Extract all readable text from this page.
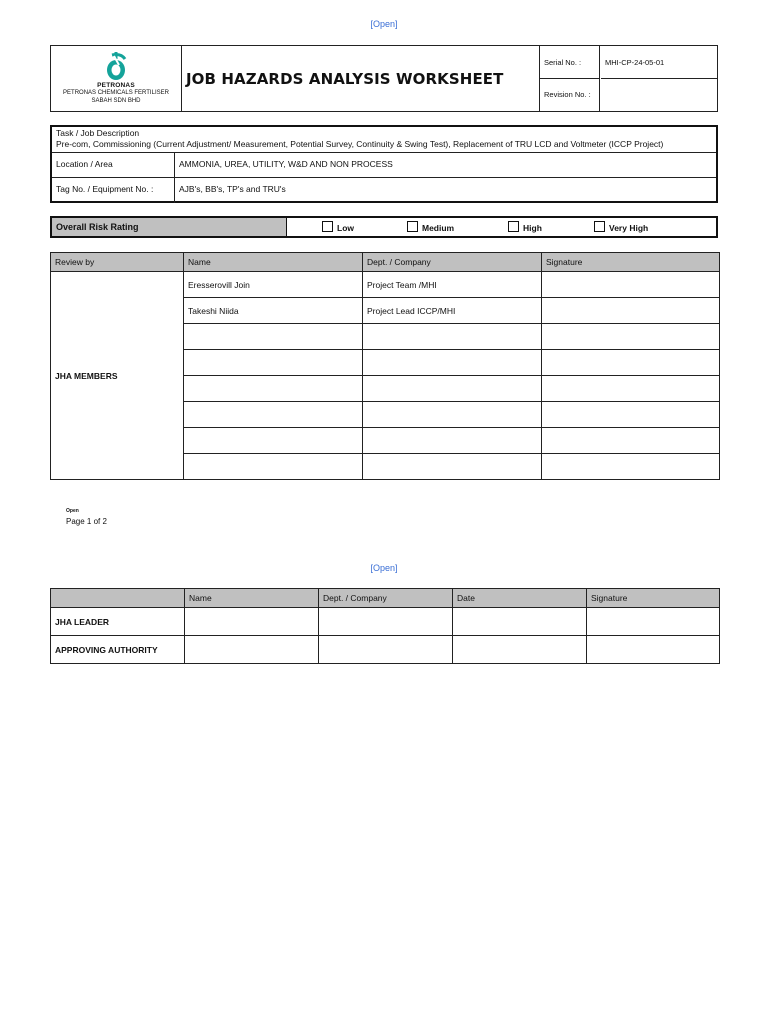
[Open]
PETRONAS
PETRONAS CHEMICALS FERTILISER
SABAH SDN BHD
JOB HAZARDS ANALYSIS WORKSHEET
Serial No. :	MHI-CP-24-05-01
Revision No. :
Task / Job Description
Pre-com, Commissioning (Current Adjustment/ Measurement, Potential Survey, Continuity & Swing Test), Replacement of TRU LCD and Voltmeter (ICCP Project)
Location / Area	AMMONIA, UREA, UTILITY, W&D AND NON PROCESS
Tag No. / Equipment No. :	AJB's, BB's, TP's and TRU's
Overall Risk Rating	Low	Medium	High	Very High
Review by	Name	Dept. / Company	Signature
JHA MEMBERS	Eresserovill Join	Project Team /MHI	
	Takeshi Niida	Project Lead ICCP/MHI	

Open
Page 1 of 2
[Open]
	Name	Dept. / Company	Date	Signature
JHA LEADER				
APPROVING AUTHORITY				
